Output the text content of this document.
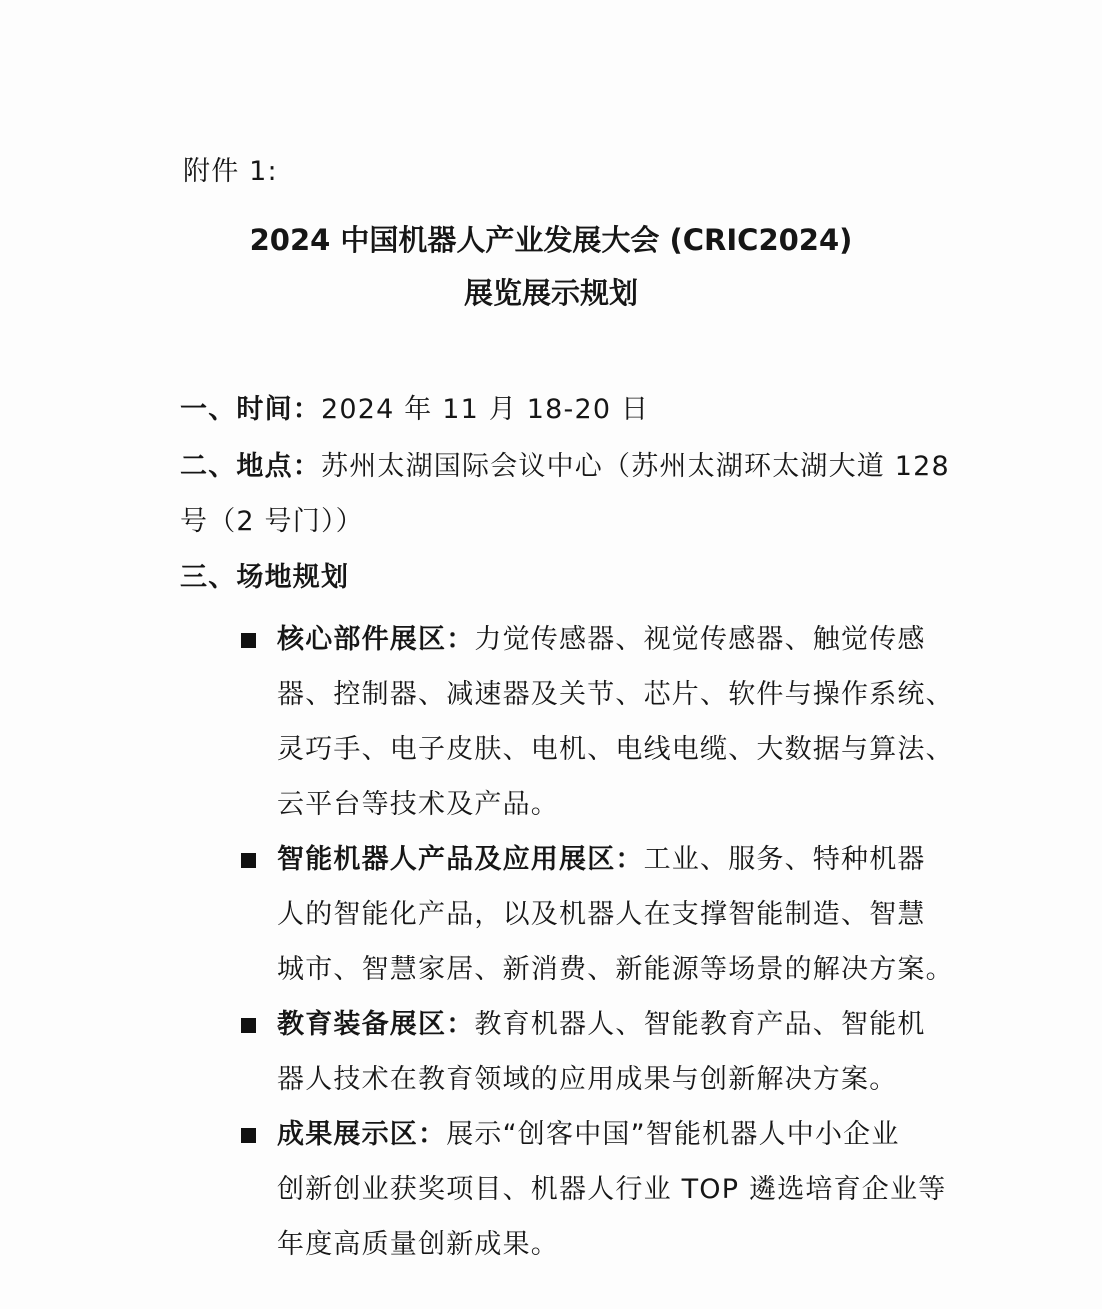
附件 1:
2024 中国机器人产业发展大会 (CRIC2024)
展览展示规划
一、时间：2024 年 11 月 18-20 日
二、地点：苏州太湖国际会议中心（苏州太湖环太湖大道 128
号（2 号门））
三、场地规划
核心部件展区：力觉传感器、视觉传感器、触觉传感
器、控制器、减速器及关节、芯片、软件与操作系统、
灵巧手、电子皮肤、电机、电线电缆、大数据与算法、
云平台等技术及产品。
智能机器人产品及应用展区：工业、服务、特种机器
人的智能化产品，以及机器人在支撑智能制造、智慧
城市、智慧家居、新消费、新能源等场景的解决方案。
教育装备展区：教育机器人、智能教育产品、智能机
器人技术在教育领域的应用成果与创新解决方案。
成果展示区：展示“创客中国”智能机器人中小企业
创新创业获奖项目、机器人行业 TOP 遴选培育企业等
年度高质量创新成果。
